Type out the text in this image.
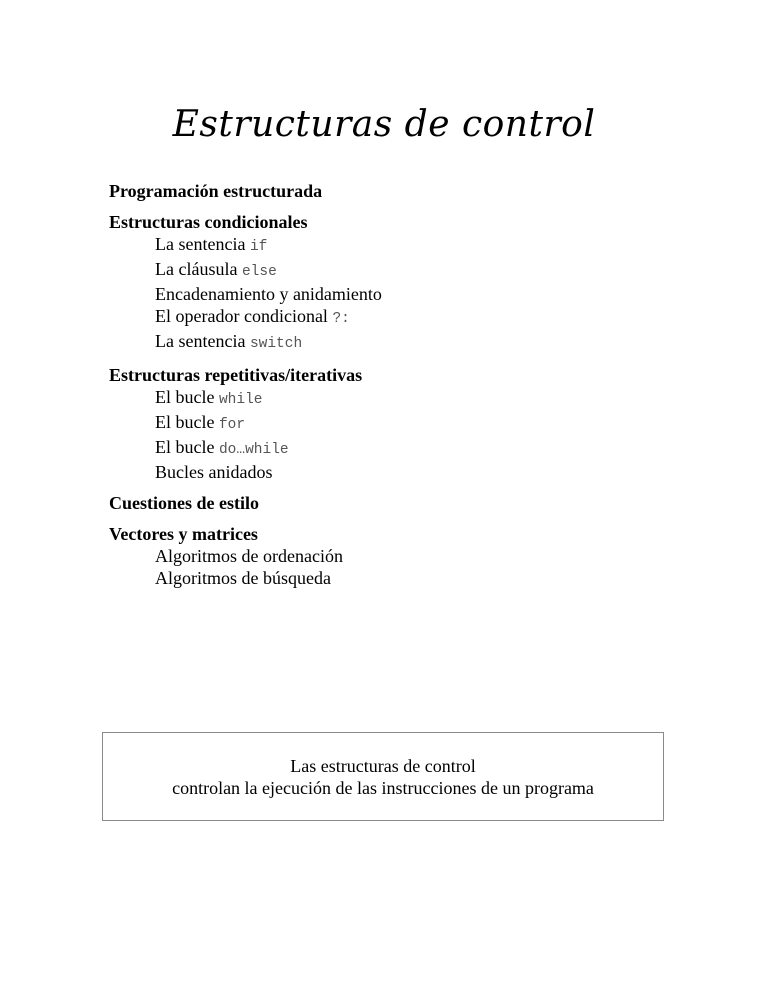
Estructuras de control
Programación estructurada
Estructuras condicionales
La sentencia if
La cláusula else
Encadenamiento y anidamiento
El operador condicional ?:
La sentencia switch
Estructuras repetitivas/iterativas
El bucle while
El bucle for
El bucle do…while
Bucles anidados
Cuestiones de estilo
Vectores y matrices
Algoritmos de ordenación
Algoritmos de búsqueda
Las estructuras de control
controlan la ejecución de las instrucciones de un programa
